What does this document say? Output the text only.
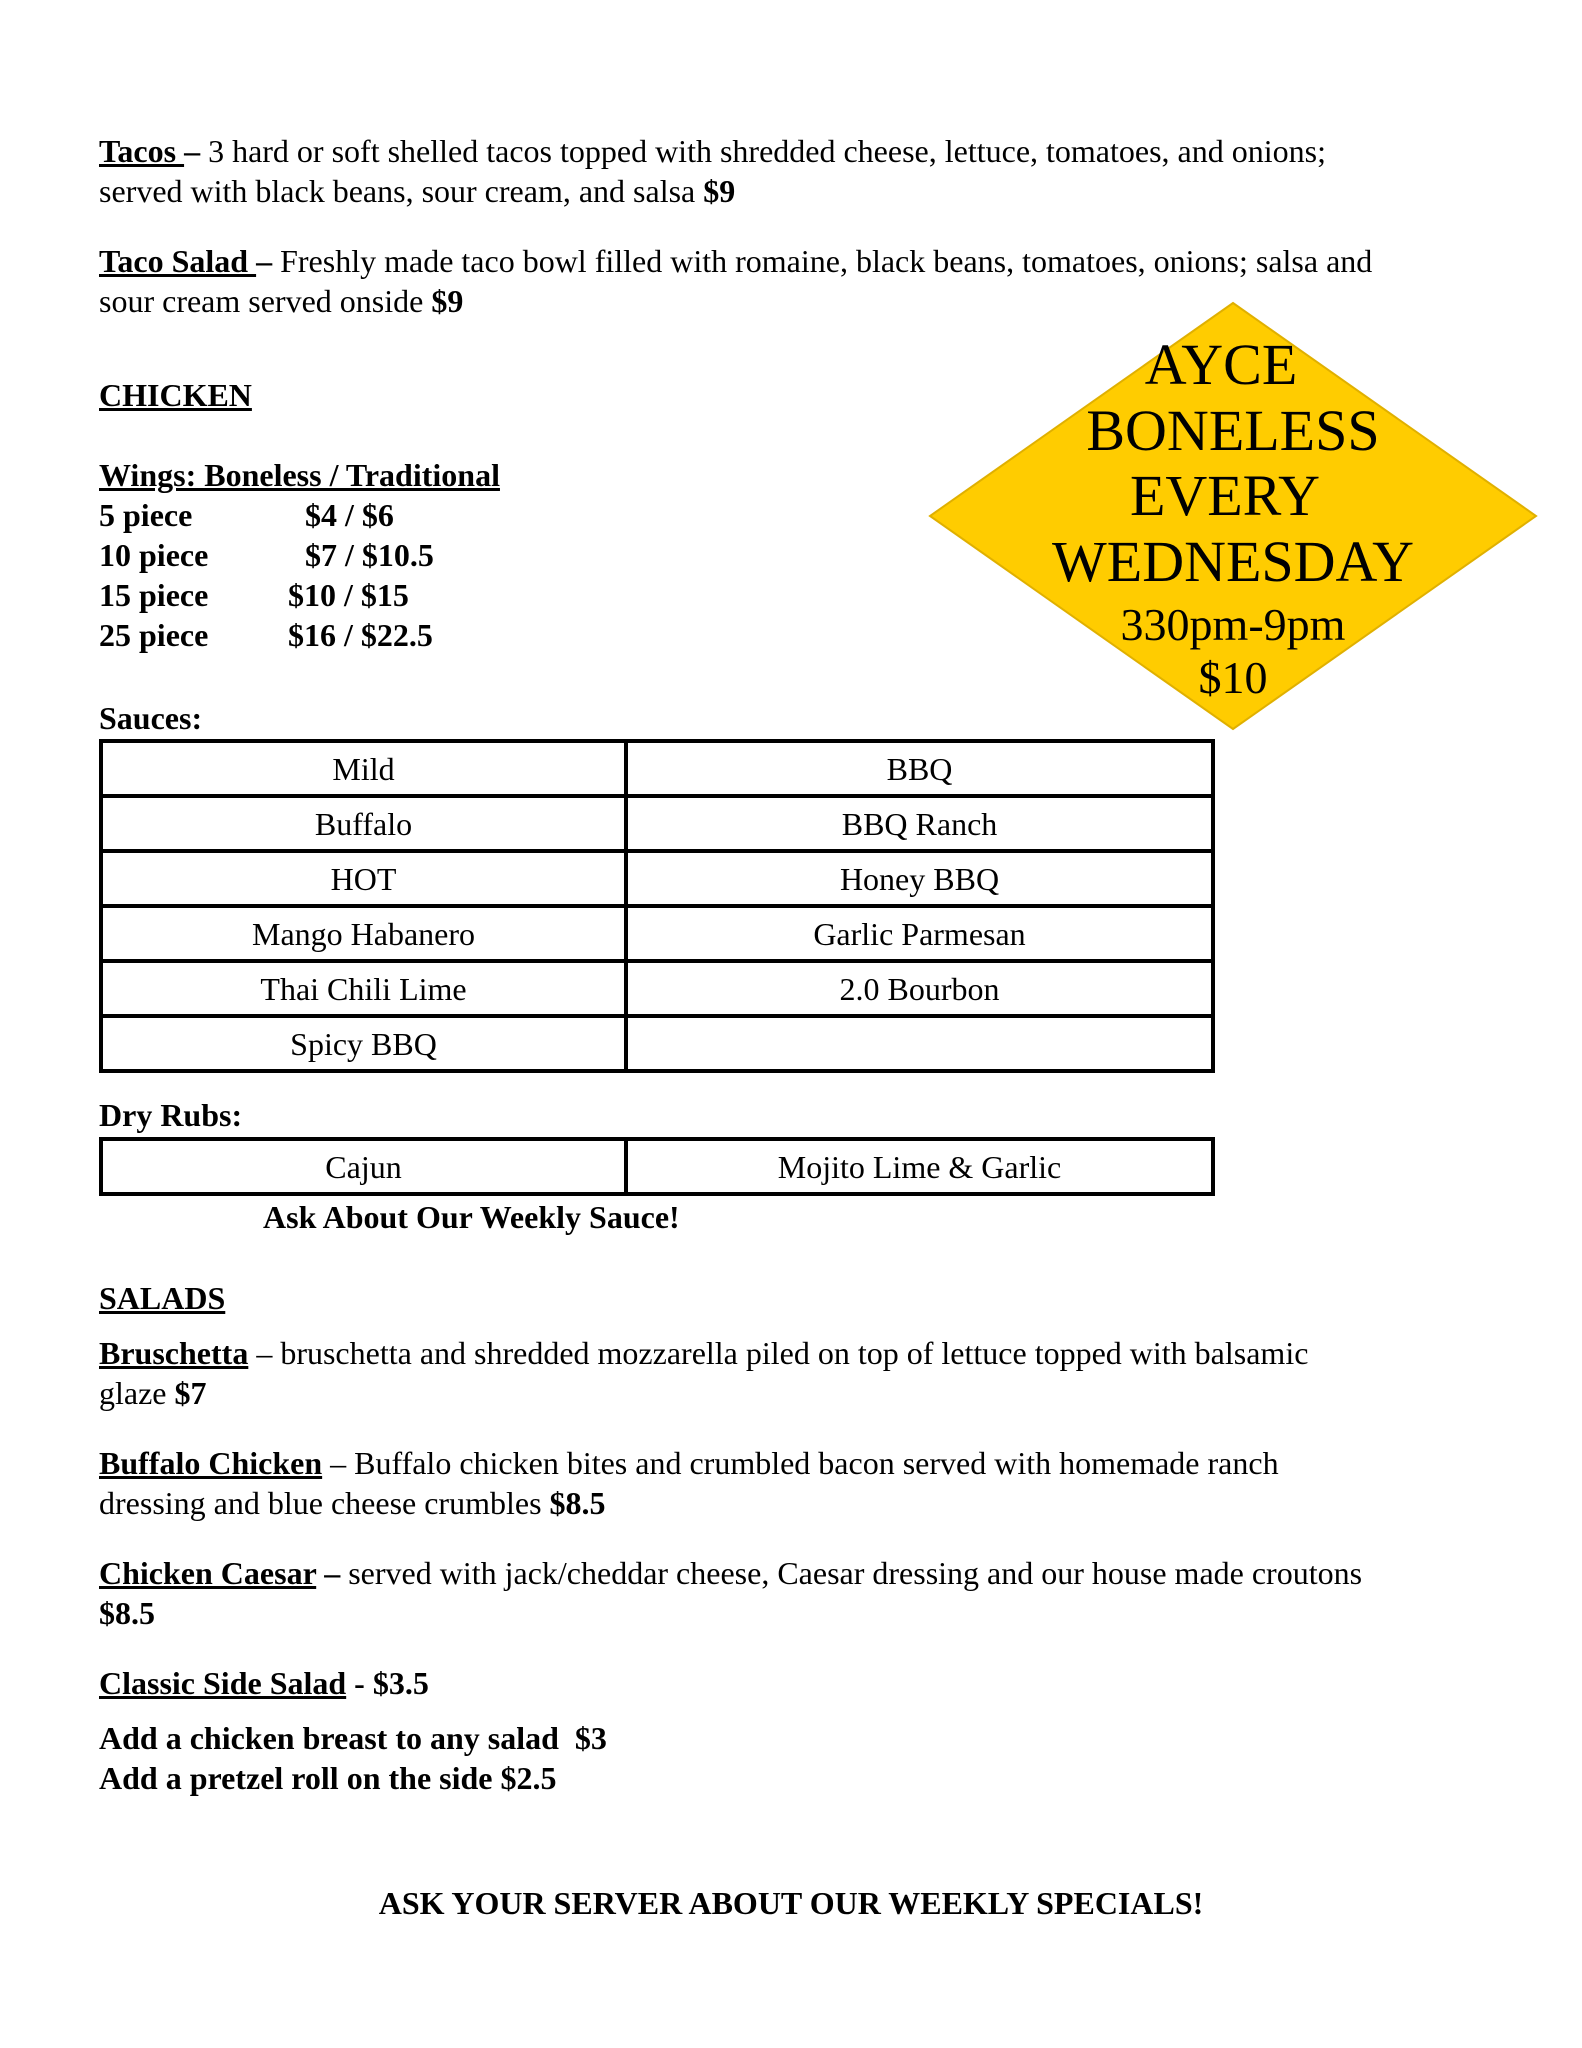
Tacos – 3 hard or soft shelled tacos topped with shredded cheese, lettuce, tomatoes, and onions;
served with black beans, sour cream, and salsa $9
Taco Salad – Freshly made taco bowl filled with romaine, black beans, tomatoes, onions; salsa and
sour cream served onside $9
CHICKEN
Wings: Boneless / Traditional
5 piece	$4 / $6
10 piece	$7 / $10.5
15 piece $10 / $15
25 piece $16 / $22.5
AYCE
BONELESS
EVERY
WEDNESDAY
330pm-9pm
$10
Sauces:
Mild	BBQ
Buffalo	BBQ Ranch
HOT	Honey BBQ
Mango Habanero	Garlic Parmesan
Thai Chili Lime	2.0 Bourbon
Spicy BBQ	
Dry Rubs:
Cajun	Mojito Lime & Garlic
Ask About Our Weekly Sauce!
SALADS
Bruschetta – bruschetta and shredded mozzarella piled on top of lettuce topped with balsamic
glaze $7
Buffalo Chicken – Buffalo chicken bites and crumbled bacon served with homemade ranch
dressing and blue cheese crumbles $8.5
Chicken Caesar – served with jack/cheddar cheese, Caesar dressing and our house made croutons
$8.5
Classic Side Salad - $3.5
Add a chicken breast to any salad  $3
Add a pretzel roll on the side $2.5
ASK YOUR SERVER ABOUT OUR WEEKLY SPECIALS!
